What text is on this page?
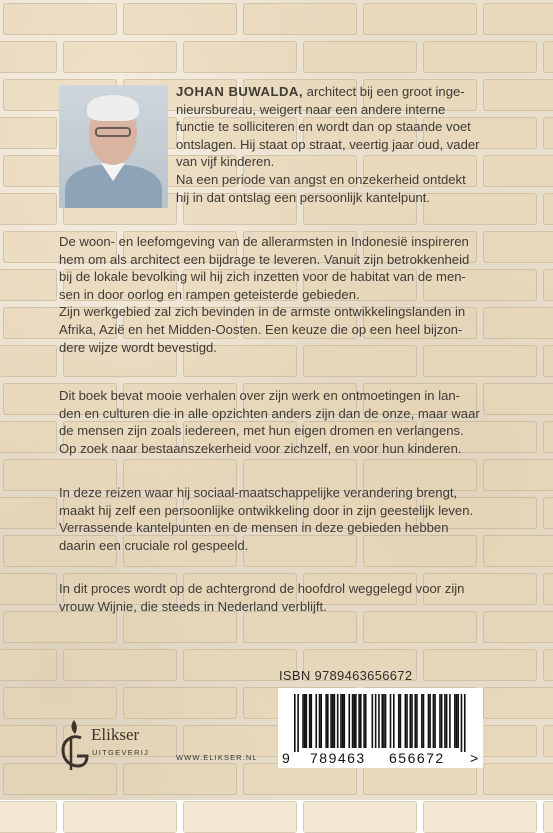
JOHAN BUWALDA, architect bij een groot inge-
nieursbureau, weigert naar een andere interne
functie te solliciteren en wordt dan op staande voet
ontslagen. Hij staat op straat, veertig jaar oud, vader
van vijf kinderen.
Na een periode van angst en onzekerheid ontdekt
hij in dat ontslag een persoonlijk kantelpunt.
De woon- en leefomgeving van de allerarmsten in Indonesië inspireren
hem om als architect een bijdrage te leveren. Vanuit zijn betrokkenheid
bij de lokale bevolking wil hij zich inzetten voor de habitat van de men-
sen in door oorlog en rampen geteisterde gebieden.
Zijn werkgebied zal zich bevinden in de armste ontwikkelingslanden in
Afrika, Azië en het Midden-Oosten. Een keuze die op een heel bijzon-
dere wijze wordt bevestigd.
Dit boek bevat mooie verhalen over zijn werk en ontmoetingen in lan-
den en culturen die in alle opzichten anders zijn dan de onze, maar waar
de mensen zijn zoals iedereen, met hun eigen dromen en verlangens.
Op zoek naar bestaanszekerheid voor zichzelf, en voor hun kinderen.
In deze reizen waar hij sociaal-maatschappelijke verandering brengt,
maakt hij zelf een persoonlijke ontwikkeling door in zijn geestelijk leven.
Verrassende kantelpunten en de mensen in deze gebieden hebben
daarin een cruciale rol gespeeld.
In dit proces wordt op de achtergrond de hoofdrol weggelegd voor zijn
vrouw Wijnie, die steeds in Nederland verblijft.
ISBN 9789463656672
9 789463 656672 >
Elikser
UITGEVERIJ
WWW.ELIKSER.NL
